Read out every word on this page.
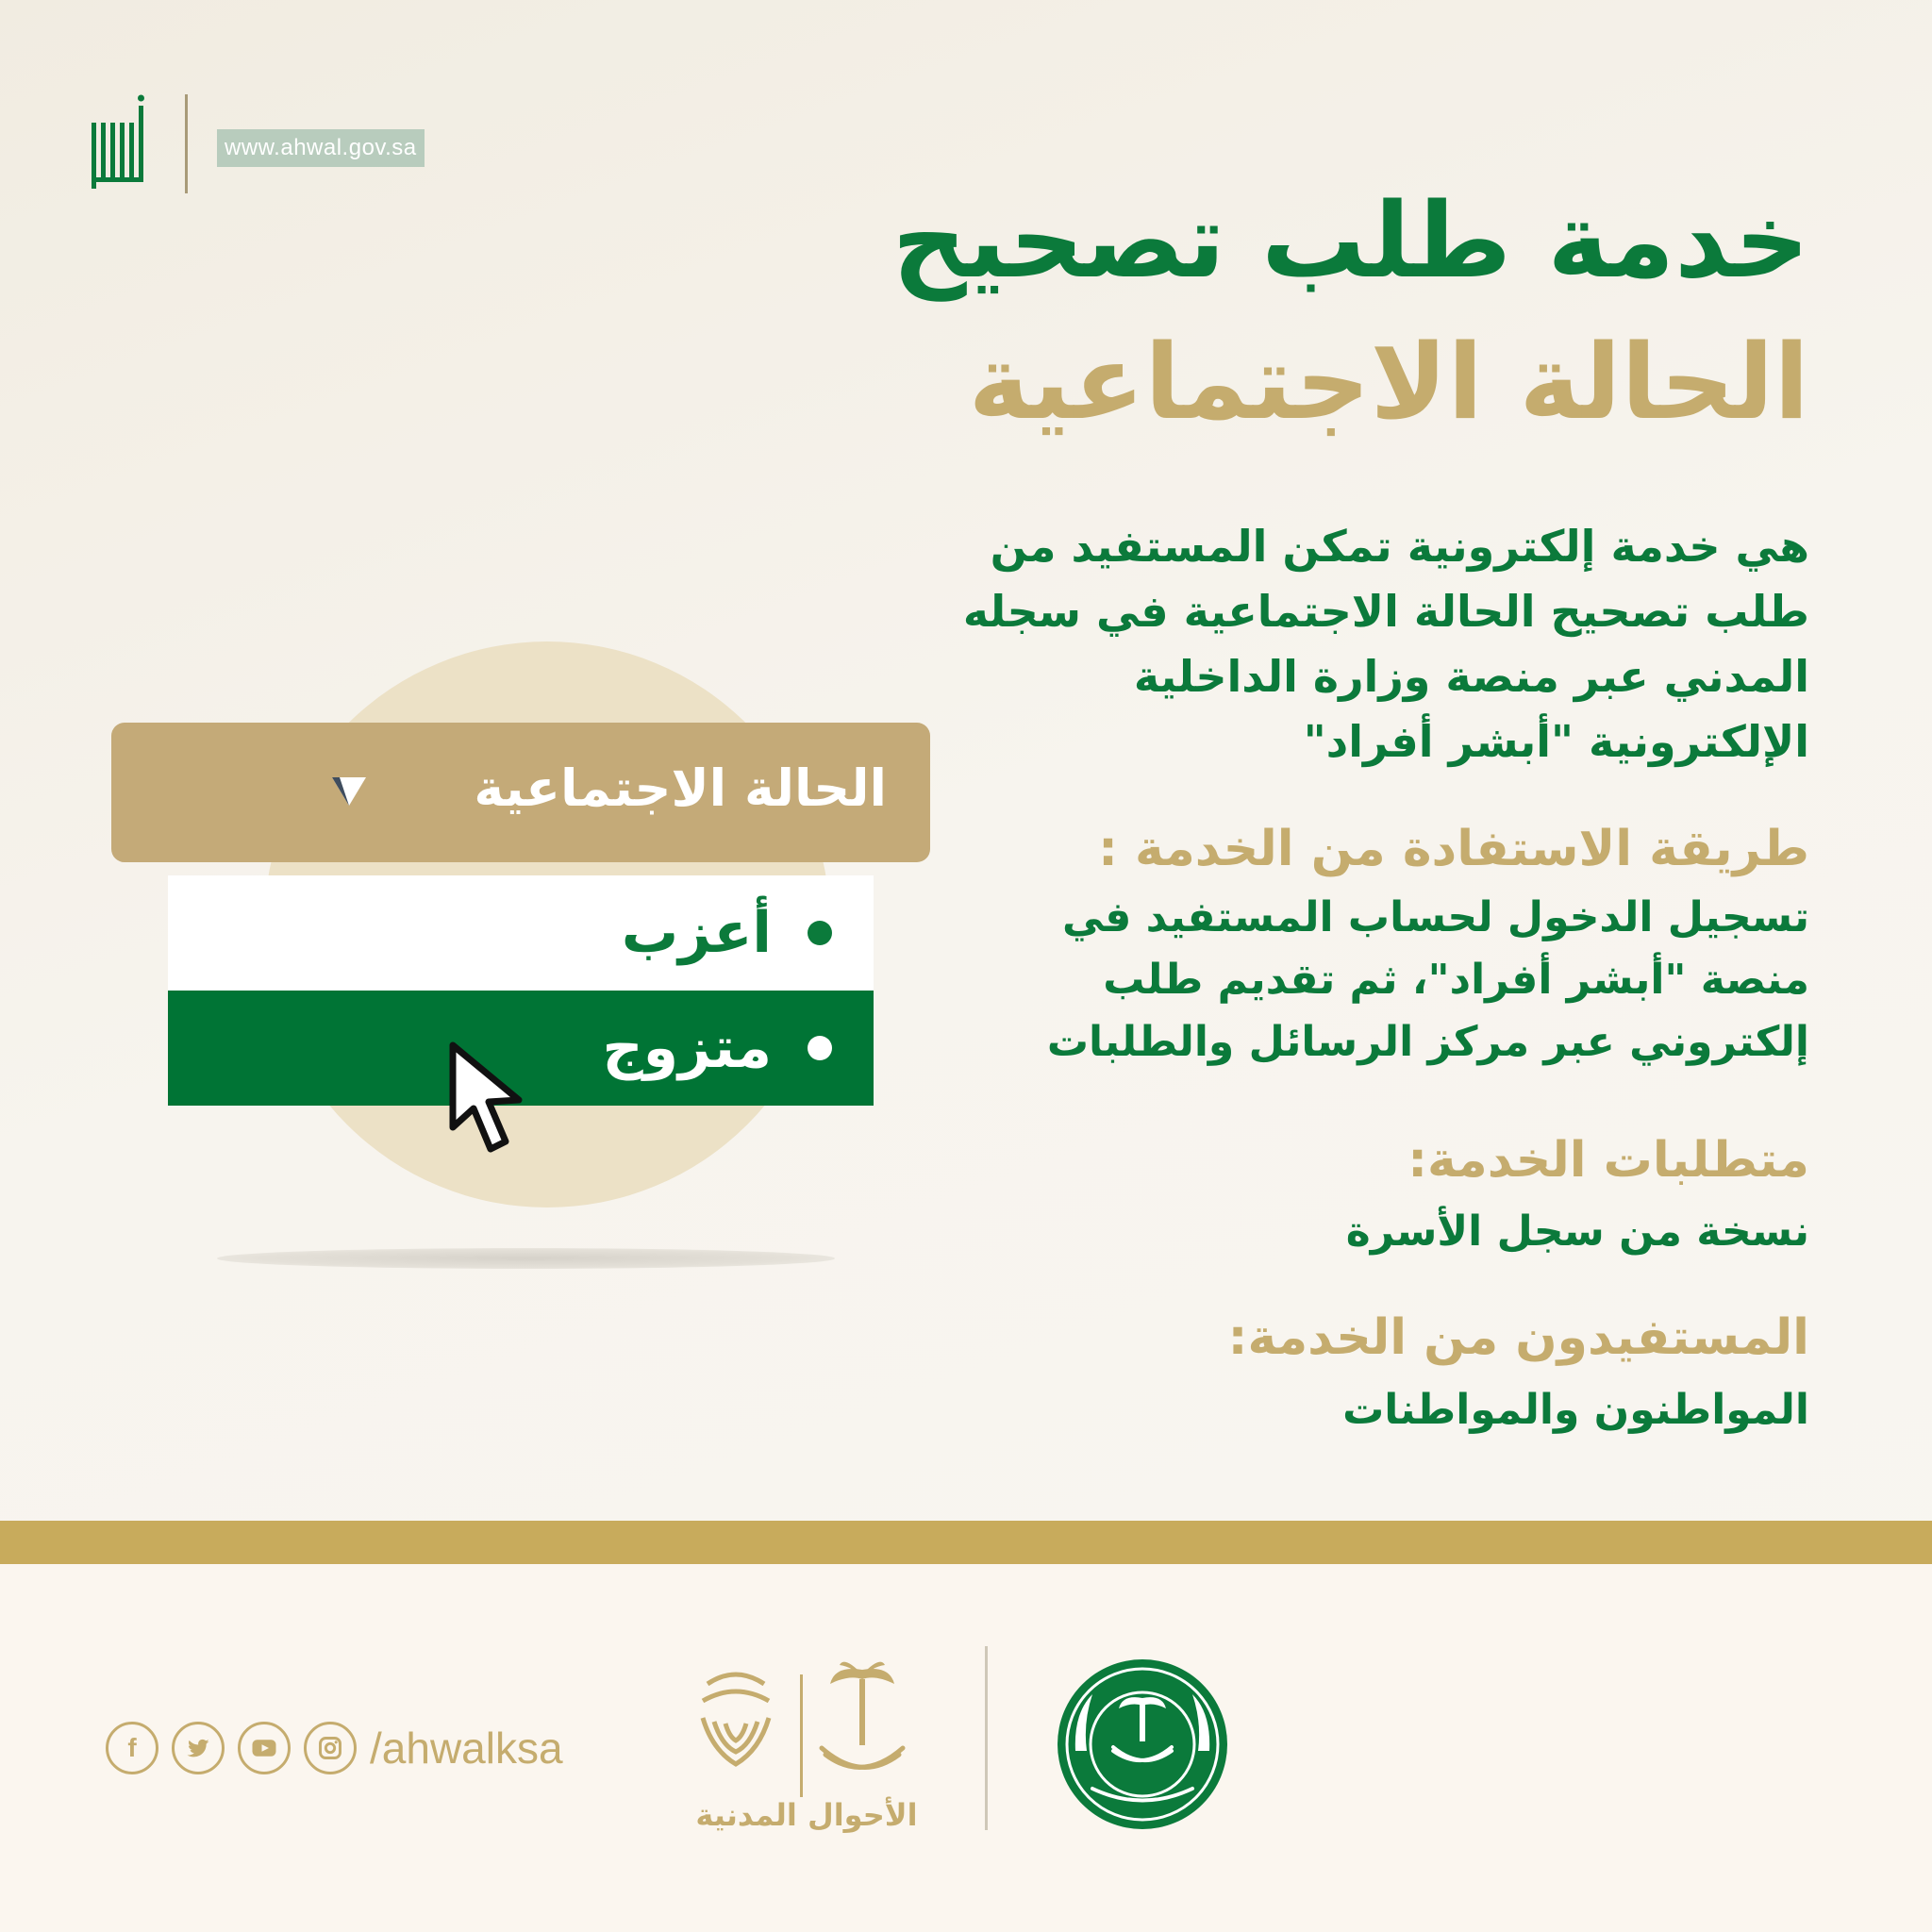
www.ahwal.gov.sa
خدمة طلب تصحيح
الحالة الاجتماعية
هي خدمة إلكترونية تمكن المستفيد من
طلب تصحيح الحالة الاجتماعية في سجله
المدني عبر منصة وزارة الداخلية
الإلكترونية "أبشر أفراد"
طريقة الاستفادة من الخدمة :
تسجيل الدخول لحساب المستفيد في
منصة "أبشر أفراد"، ثم تقديم طلب
إلكتروني عبر مركز الرسائل والطلبات
متطلبات الخدمة:
نسخة من سجل الأسرة
المستفيدون من الخدمة:
المواطنون والمواطنات
الحالة الاجتماعية
أعزب
متزوج
f	/ahwalksa
الأحوال المدنية
